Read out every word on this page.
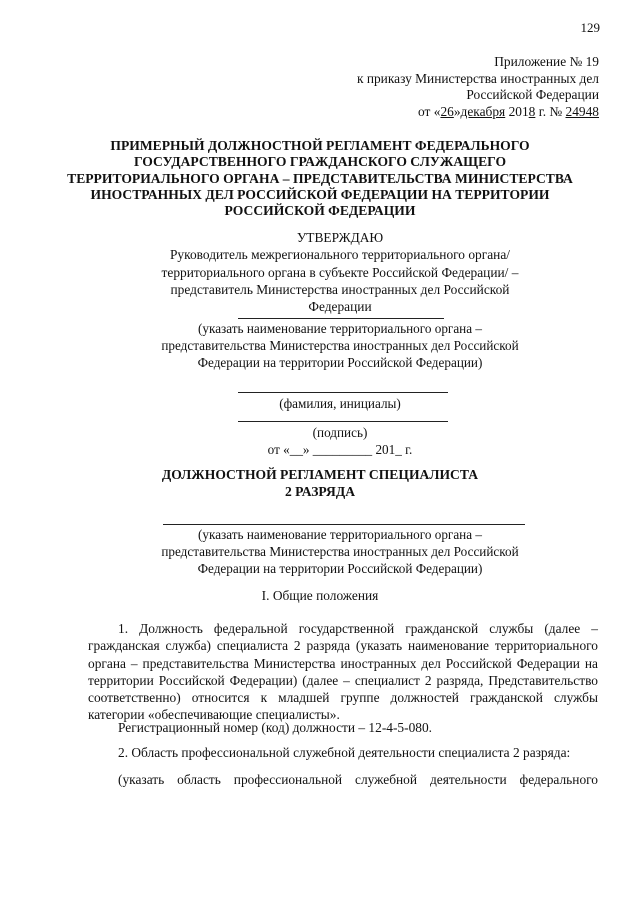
129
Приложение № 19
к приказу Министерства иностранных дел
Российской Федерации
от «26»декабря 2018 г. № 24948
ПРИМЕРНЫЙ ДОЛЖНОСТНОЙ РЕГЛАМЕНТ ФЕДЕРАЛЬНОГО ГОСУДАРСТВЕННОГО ГРАЖДАНСКОГО СЛУЖАЩЕГО ТЕРРИТОРИАЛЬНОГО ОРГАНА – ПРЕДСТАВИТЕЛЬСТВА МИНИСТЕРСТВА ИНОСТРАННЫХ ДЕЛ РОССИЙСКОЙ ФЕДЕРАЦИИ НА ТЕРРИТОРИИ РОССИЙСКОЙ ФЕДЕРАЦИИ
УТВЕРЖДАЮ
Руководитель межрегионального территориального органа/территориального органа в субъекте Российской Федерации/ – представитель Министерства иностранных дел Российской Федерации
(указать наименование территориального органа – представительства Министерства иностранных дел Российской Федерации на территории Российской Федерации)
(фамилия, инициалы)
(подпись)
от «__» _________ 201_ г.
ДОЛЖНОСТНОЙ РЕГЛАМЕНТ СПЕЦИАЛИСТА 2 РАЗРЯДА
(указать наименование территориального органа – представительства Министерства иностранных дел Российской Федерации на территории Российской Федерации)
I. Общие положения
1. Должность федеральной государственной гражданской службы (далее – гражданская служба) специалиста 2 разряда (указать наименование территориального органа – представительства Министерства иностранных дел Российской Федерации на территории Российской Федерации) (далее – специалист 2 разряда, Представительство соответственно) относится к младшей группе должностей гражданской службы категории «обеспечивающие специалисты».
Регистрационный номер (код) должности – 12-4-5-080.
2. Область профессиональной служебной деятельности специалиста 2 разряда:
(указать область профессиональной служебной деятельности федерального
